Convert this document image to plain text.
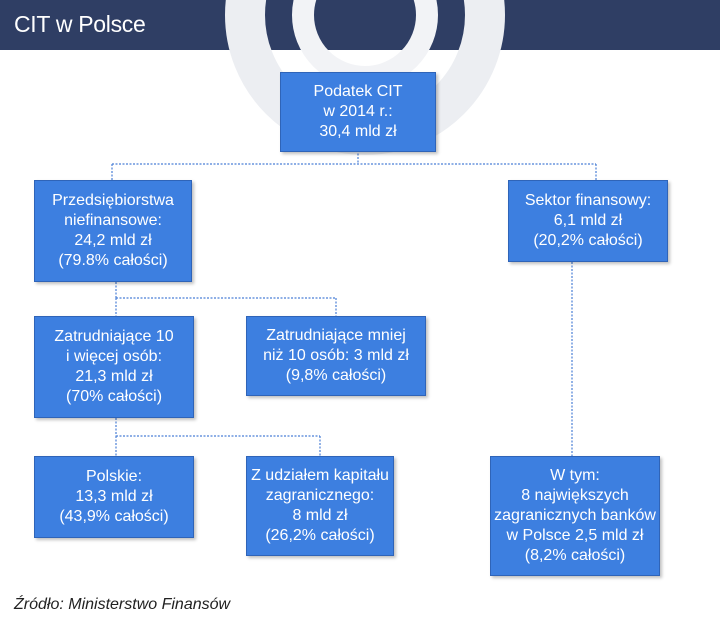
CIT w Polsce
Podatek CIT
w 2014 r.:
30,4 mld zł
Przedsiębiorstwa
niefinansowe:
24,2 mld zł
(79.8% całości)
Sektor finansowy:
6,1 mld zł
(20,2% całości)
Zatrudniające 10
i więcej osób:
21,3 mld zł
(70% całości)
Zatrudniające mniej
niż 10 osób: 3 mld zł
(9,8% całości)
Polskie:
13,3 mld zł
(43,9% całości)
Z udziałem kapitału
zagranicznego:
8 mld zł
(26,2% całości)
W tym:
8 największych
zagranicznych banków
w Polsce 2,5 mld zł
(8,2% całości)
Źródło: Ministerstwo Finansów
